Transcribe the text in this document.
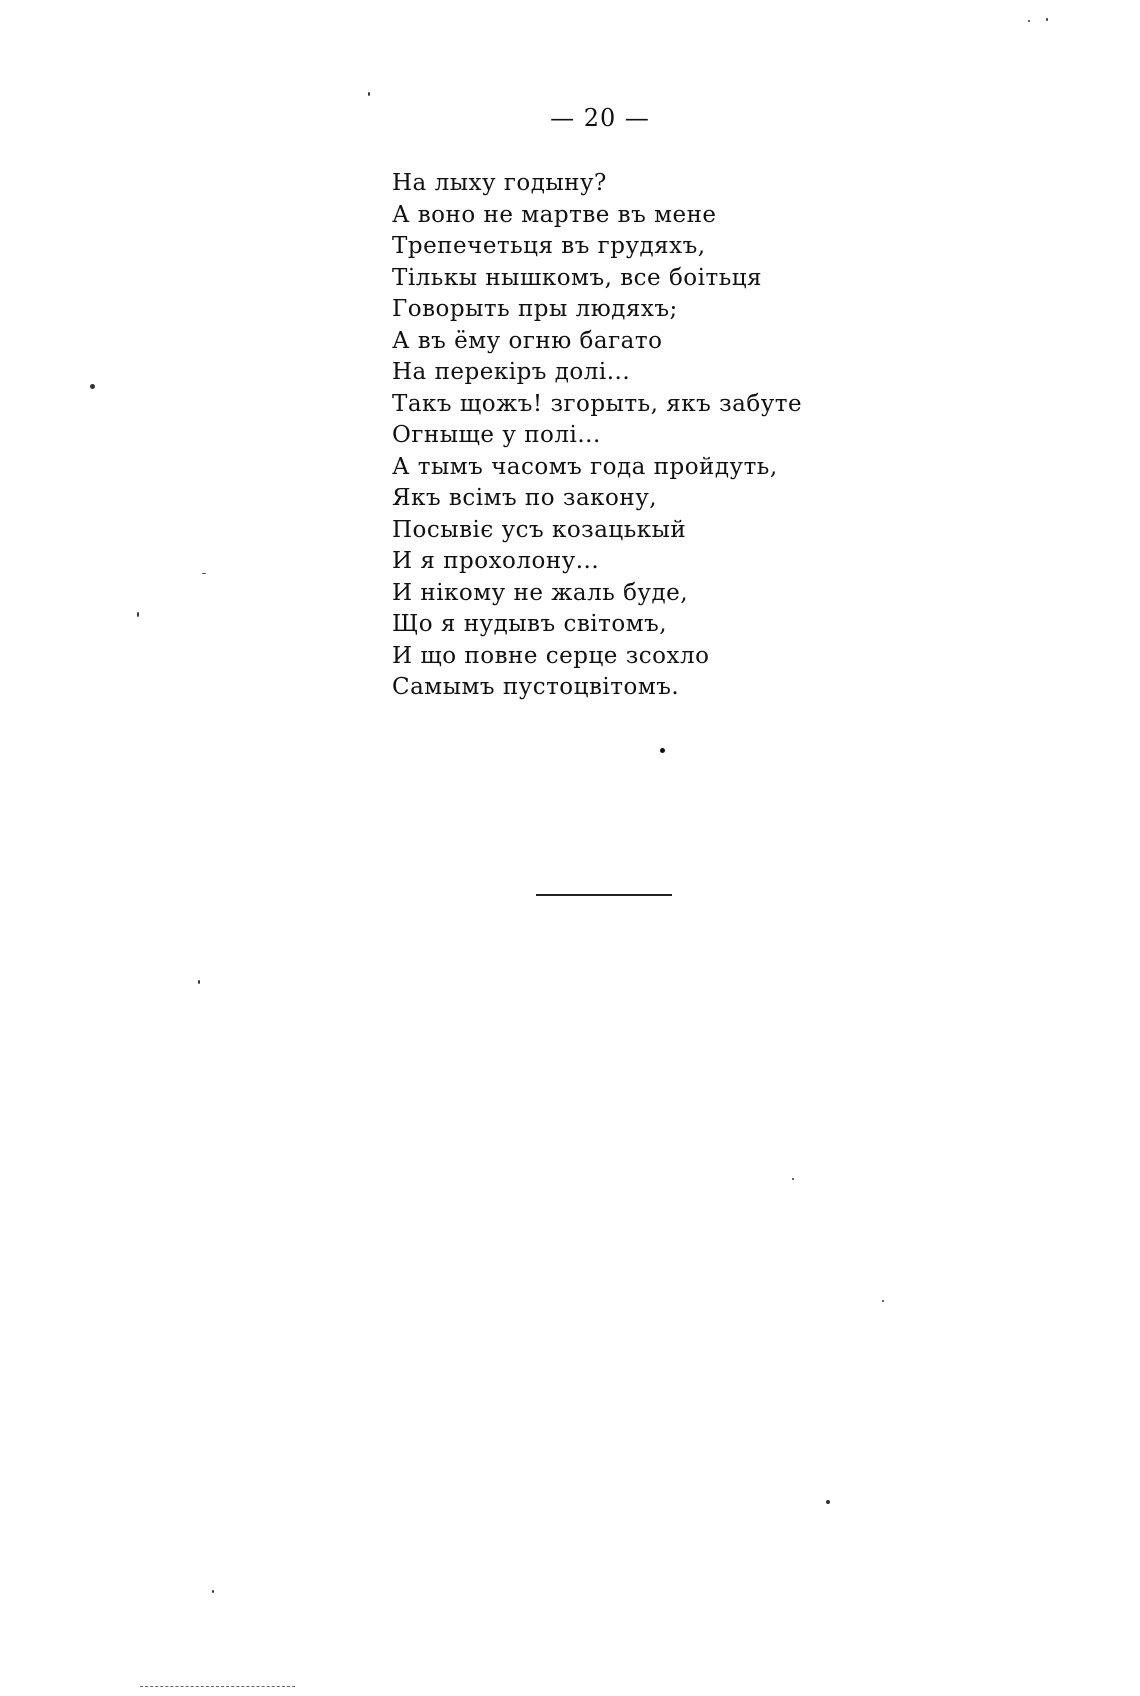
— 20 —
На лыху годыну?
А воно не мартве въ мене
Трепечетьця въ грудяхъ,
Тількы нышкомъ, все боітьця
Говорыть пры людяхъ;
А въ ёму огню багато
На перекіръ долі...
Такъ щожъ! згорыть, якъ забуте
Огныще у полі...
А тымъ часомъ года пройдуть,
Якъ всімъ по закону,
Посывіє усъ козацькый
И я прохолону...
И нікому не жаль буде,
Що я нудывъ світомъ,
И що повне серце зсохло
Самымъ пустоцвітомъ.
